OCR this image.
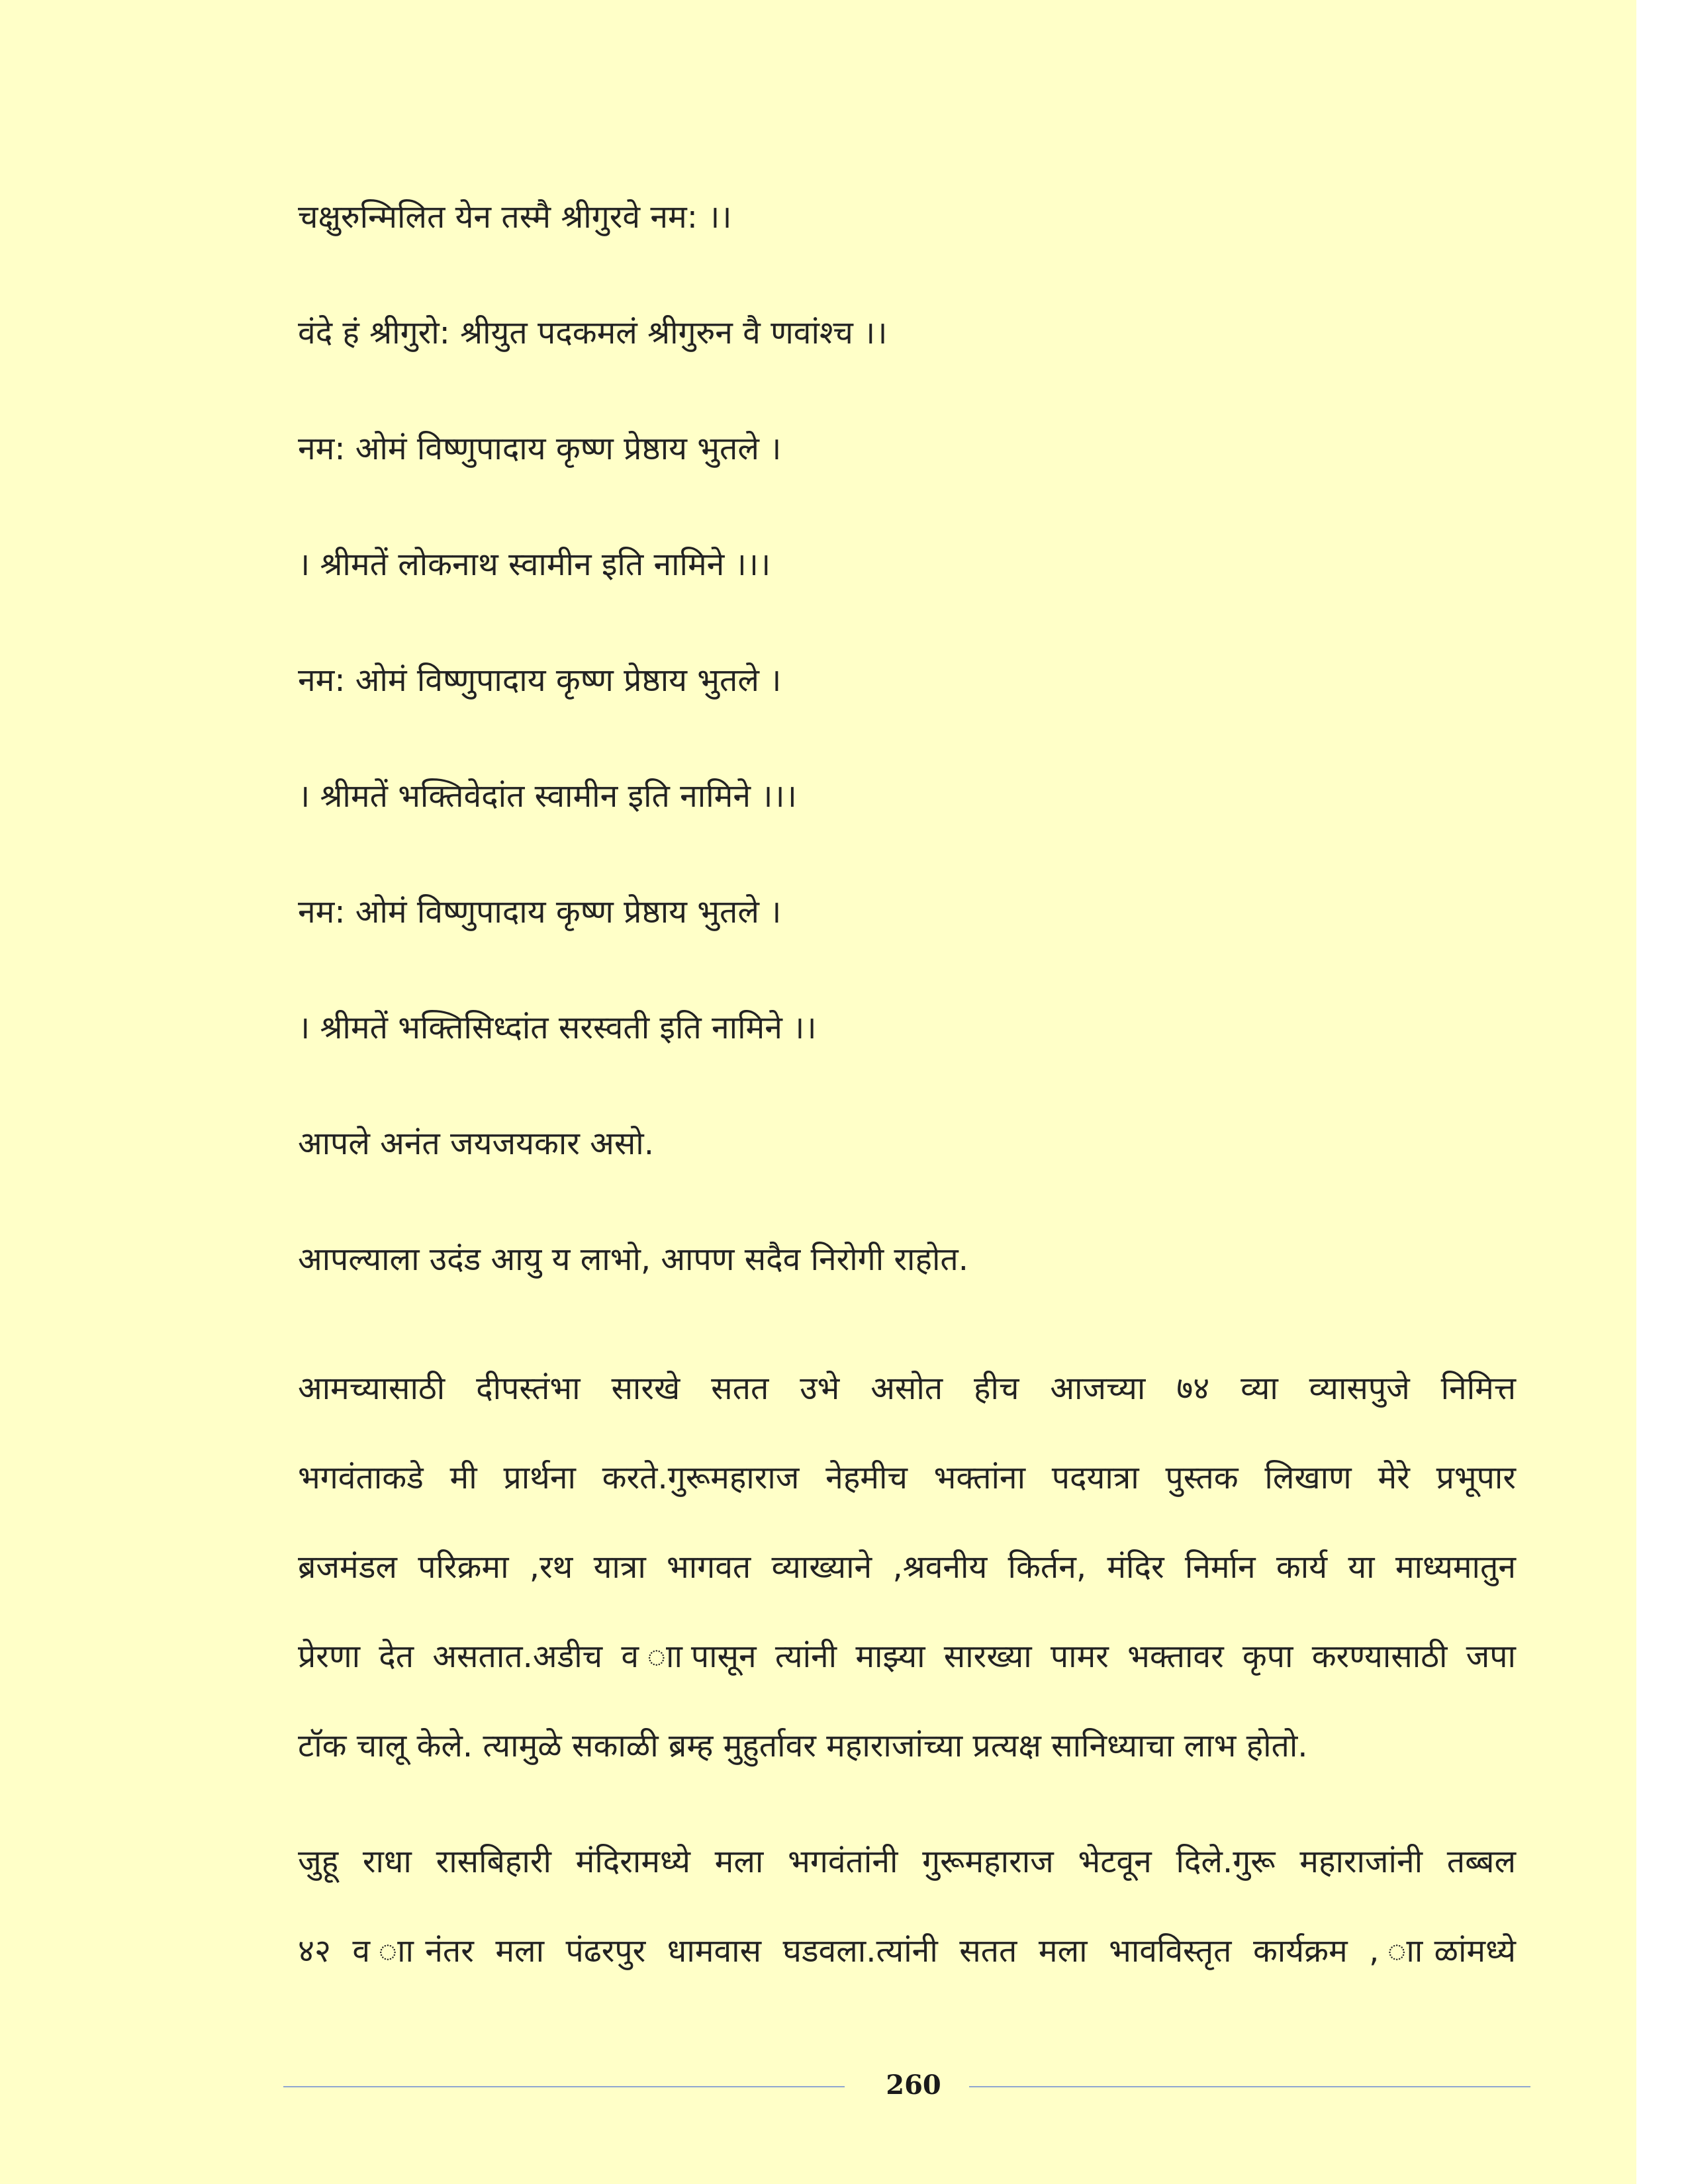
चक्षुरुन्मिलित येन तस्मै श्रीगुरवे नम: ।।
वंदे हं श्रीगुरो: श्रीयुत पदकमलं श्रीगुरुन वै णवांश्च ।।
नम: ओमं विष्णुपादाय कृष्ण प्रेष्ठाय भुतले ।
। श्रीमतें लोकनाथ स्वामीन इति नामिने ।।।
नम: ओमं विष्णुपादाय कृष्ण प्रेष्ठाय भुतले ।
। श्रीमतें भक्तिवेदांत स्वामीन इति नामिने ।।।
नम: ओमं विष्णुपादाय कृष्ण प्रेष्ठाय भुतले ।
। श्रीमतें भक्तिसिध्दांत सरस्वती इति नामिने ।।
आपले अनंत जयजयकार असो.
आपल्याला उदंड आयु य लाभो, आपण सदैव निरोगी राहोत.
आमच्यासाठी दीपस्तंभा सारखे सतत उभे असोत हीच आजच्या ७४ व्या व्यासपुजे निमित्त
भगवंताकडे मी प्रार्थना करते.गुरूमहाराज नेहमीच भक्तांना पदयात्रा पुस्तक लिखाण मेरे प्रभूपार
ब्रजमंडल परिक्रमा ,रथ यात्रा भागवत व्याख्याने ,श्रवनीय किर्तन, मंदिर निर्मान कार्य या माध्यमातुन
प्रेरणा देत असतात.अडीच व ाापासून त्यांनी माझ्या सारख्या पामर भक्तावर कृपा करण्यासाठी जपा
टॉक चालू केले. त्यामुळे सकाळी ब्रम्ह मुहुर्तावर महाराजांच्या प्रत्यक्ष सानिध्याचा लाभ होतो.
जुहू राधा रासबिहारी मंदिरामध्ये मला भगवंतांनी गुरूमहाराज भेटवून दिले.गुरू महाराजांनी तब्बल
४२ व ाानंतर मला पंढरपुर धामवास घडवला.त्यांनी सतत मला भावविस्तृत कार्यक्रम , ााळांमध्ये
260
